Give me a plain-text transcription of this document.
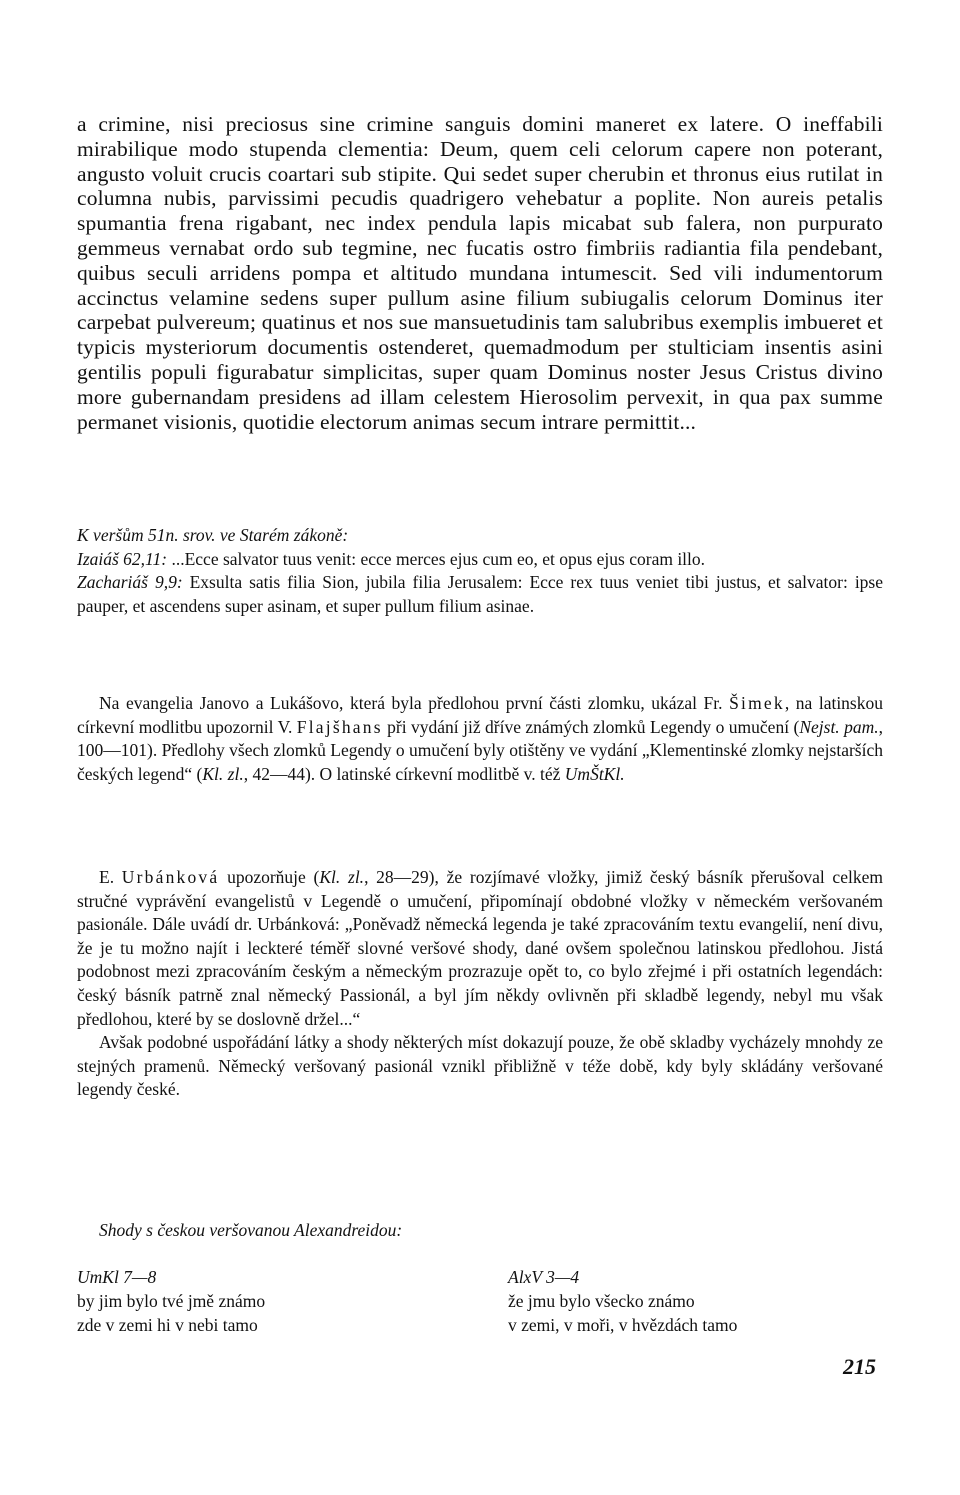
a crimine, nisi preciosus sine crimine sanguis domini maneret ex latere. O ineffabili mirabilique modo stupenda clementia: Deum, quem celi celorum capere non poterant, angusto voluit crucis coartari sub stipite. Qui sedet super cherubin et thronus eius rutilat in columna nubis, parvissimi pecudis quadrigero vehebatur a poplite. Non aureis petalis spumantia frena rigabant, nec index pendula lapis micabat sub falera, non purpurato gemmeus vernabat ordo sub tegmine, nec fucatis ostro fimbriis radiantia fila pendebant, quibus seculi arridens pompa et altitudo mundana intumescit. Sed vili indumentorum accinctus velamine sedens super pullum asine filium subiugalis celorum Dominus iter carpebat pulvereum; quatinus et nos sue mansuetudinis tam salubribus exemplis imbueret et typicis mysteriorum documentis ostenderet, quemadmodum per stulticiam insentis asini gentilis populi figurabatur simplicitas, super quam Dominus noster Jesus Cristus divino more gubernandam presidens ad illam celestem Hierosolim pervexit, in qua pax summe permanet visionis, quotidie electorum animas secum intrare permittit...

K veršům 51n. srov. ve Starém zákoně:

Izaiáš 62,11: ...Ecce salvator tuus venit: ecce merces ejus cum eo, et opus ejus coram illo.

Zachariáš 9,9: Exsulta satis filia Sion, jubila filia Jerusalem: Ecce rex tuus veniet tibi justus, et salvator: ipse pauper, et ascendens super asinam, et super pullum filium asinae.

Na evangelia Janovo a Lukášovo, která byla předlohou první části zlomku, ukázal Fr. Šimek, na latinskou církevní modlitbu upozornil V. Flajšhans při vydání již dříve známých zlomků Legendy o umučení (Nejst. pam., 100—101). Předlohy všech zlomků Legendy o umučení byly otištěny ve vydání „Klementinské zlomky nejstarších českých legend“ (Kl. zl., 42—44). O latinské církevní modlitbě v. též UmŠtKl.

E. Urbánková upozorňuje (Kl. zl., 28—29), že rozjímavé vložky, jimiž český básník přerušoval celkem stručné vyprávění evangelistů v Legendě o umučení, připomínají obdobné vložky v německém veršovaném pasionále. Dále uvádí dr. Urbánková: „Poněvadž německá legenda je také zpracováním textu evangelií, není divu, že je tu možno najít i leckteré téměř slovné veršové shody, dané ovšem společnou latinskou předlohou. Jistá podobnost mezi zpracováním českým a německým prozrazuje opět to, co bylo zřejmé i při ostatních legendách: český básník patrně znal německý Passionál, a byl jím někdy ovlivněn při skladbě legendy, nebyl mu však předlohou, které by se doslovně držel...“

Avšak podobné uspořádání látky a shody některých míst dokazují pouze, že obě skladby vycházely mnohdy ze stejných pramenů. Německý veršovaný pasionál vznikl přibližně v téže době, kdy byly skládány veršované legendy české.

Shody s českou veršovanou Alexandreidou:

UmKl 7—8
by jim bylo tvé jmě známo
zde v zemi hi v nebi tamo
AlxV 3—4
že jmu bylo všecko známo
v zemi, v moři, v hvězdách tamo
215
